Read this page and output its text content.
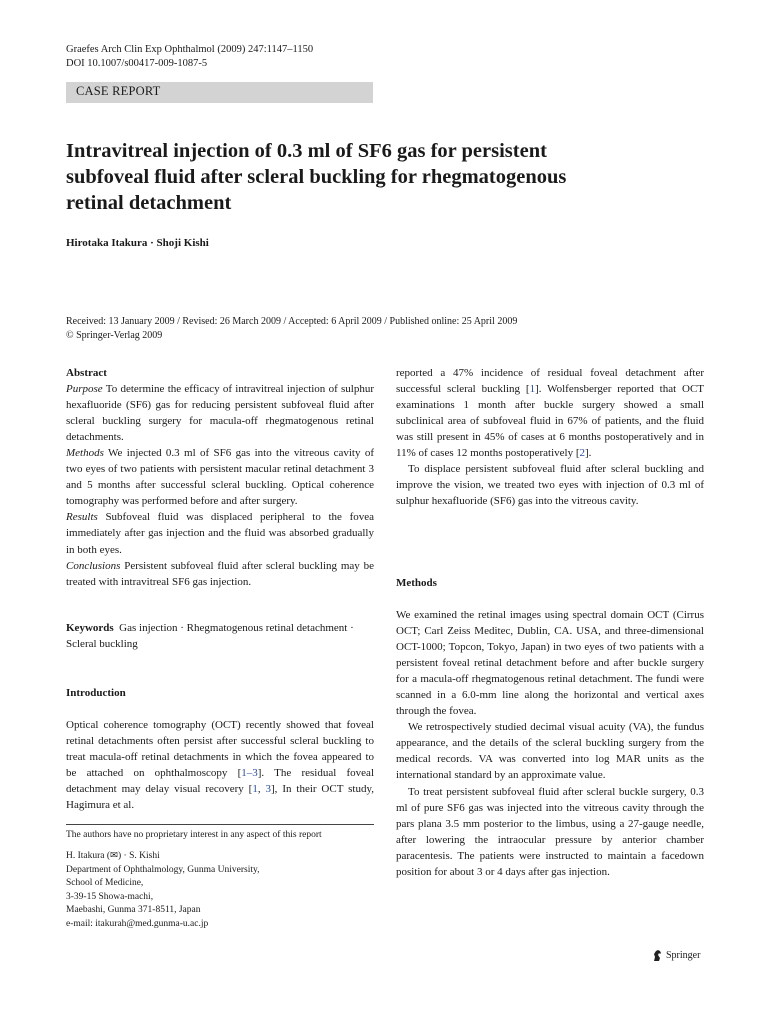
Graefes Arch Clin Exp Ophthalmol (2009) 247:1147–1150
DOI 10.1007/s00417-009-1087-5
CASE REPORT
Intravitreal injection of 0.3 ml of SF6 gas for persistent
subfoveal fluid after scleral buckling for rhegmatogenous
retinal detachment
Hirotaka Itakura · Shoji Kishi
Received: 13 January 2009 / Revised: 26 March 2009 / Accepted: 6 April 2009 / Published online: 25 April 2009
© Springer-Verlag 2009
Abstract

Purpose To determine the efficacy of intravitreal injection of sulphur hexafluoride (SF6) gas for reducing persistent subfoveal fluid after scleral buckling surgery for macula-off rhegmatogenous retinal detachments.

Methods We injected 0.3 ml of SF6 gas into the vitreous cavity of two eyes of two patients with persistent macular retinal detachment 3 and 5 months after successful scleral buckling. Optical coherence tomography was performed before and after surgery.

Results Subfoveal fluid was displaced peripheral to the fovea immediately after gas injection and the fluid was absorbed gradually in both eyes.

Conclusions Persistent subfoveal fluid after scleral buckling may be treated with intravitreal SF6 gas injection.

Keywords Gas injection · Rhegmatogenous retinal detachment · Scleral buckling
Introduction

Optical coherence tomography (OCT) recently showed that foveal retinal detachments often persist after successful scleral buckling to treat macula-off retinal detachments in which the fovea appeared to be attached on ophthalmoscopy [1–3]. The residual foveal detachment may delay visual recovery [1, 3], In their OCT study, Hagimura et al.

The authors have no proprietary interest in any aspect of this report
H. Itakura (✉) · S. Kishi
Department of Ophthalmology, Gunma University,
School of Medicine,
3-39-15 Showa-machi,
Maebashi, Gunma 371-8511, Japan
e-mail: itakurah@med.gunma-u.ac.jp

reported a 47% incidence of residual foveal detachment after successful scleral buckling [1]. Wolfensberger reported that OCT examinations 1 month after buckle surgery showed a small subclinical area of subfoveal fluid in 67% of patients, and the fluid was still present in 45% of cases at 6 months postoperatively and in 11% of cases 12 months postoperatively [2].

To displace persistent subfoveal fluid after scleral buckling and improve the vision, we treated two eyes with injection of 0.3 ml of sulphur hexafluoride (SF6) gas into the vitreous cavity.

Methods

We examined the retinal images using spectral domain OCT (Cirrus OCT; Carl Zeiss Meditec, Dublin, CA. USA, and three-dimensional OCT-1000; Topcon, Tokyo, Japan) in two eyes of two patients with a persistent foveal retinal detachment before and after buckle surgery for a macula-off rhegmatogenous retinal detachment. The fundi were scanned in a 6.0-mm line along the horizontal and vertical axes through the fovea.

We retrospectively studied decimal visual acuity (VA), the fundus appearance, and the details of the scleral buckling surgery from the medical records. VA was converted into log MAR units as the international standard by an approximate value.

To treat persistent subfoveal fluid after scleral buckle surgery, 0.3 ml of pure SF6 gas was injected into the vitreous cavity through the pars plana 3.5 mm posterior to the limbus, using a 27-gauge needle, after lowering the intraocular pressure by anterior chamber paracentesis. The patients were instructed to maintain a facedown position for about 3 or 4 days after gas injection.

Springer
